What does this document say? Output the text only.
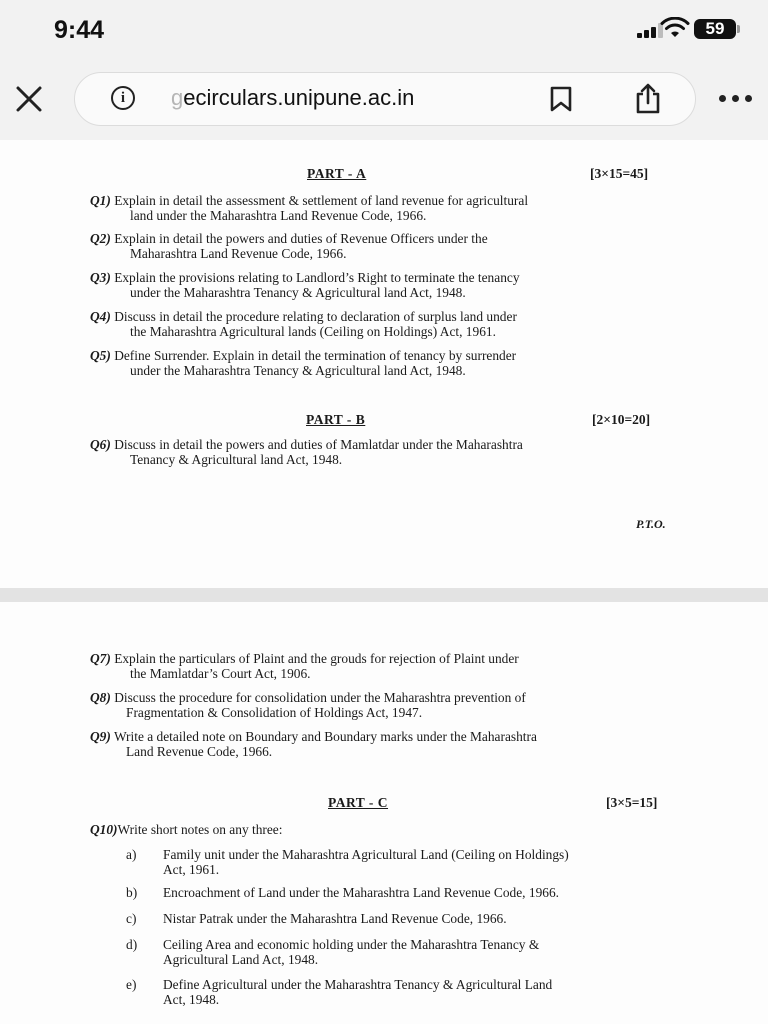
9:44	59
i	gecirculars.unipune.ac.in
PART - A	[3×15=45]
Q1) Explain in detail the assessment & settlement of land revenue for agricultural
land under the Maharashtra Land Revenue Code, 1966.
Q2) Explain in detail the powers and duties of Revenue Officers under the
Maharashtra Land Revenue Code, 1966.
Q3) Explain the provisions relating to Landlord’s Right to terminate the tenancy
under the Maharashtra Tenancy & Agricultural land Act, 1948.
Q4) Discuss in detail the procedure relating to declaration of surplus land under
the Maharashtra Agricultural lands (Ceiling on Holdings) Act, 1961.
Q5) Define Surrender. Explain in detail the termination of tenancy by surrender
under the Maharashtra Tenancy & Agricultural land Act, 1948.
PART - B	[2×10=20]
Q6) Discuss in detail the powers and duties of Mamlatdar under the Maharashtra
Tenancy & Agricultural land Act, 1948.
P.T.O.
Q7) Explain the particulars of Plaint and the grouds for rejection of Plaint under
the Mamlatdar’s Court Act, 1906.
Q8) Discuss the procedure for consolidation under the Maharashtra prevention of
Fragmentation & Consolidation of Holdings Act, 1947.
Q9) Write a detailed note on Boundary and Boundary marks under the Maharashtra
Land Revenue Code, 1966.
PART - C	[3×5=15]
Q10)Write short notes on any three:
a) Family unit under the Maharashtra Agricultural Land (Ceiling on Holdings)
Act, 1961.
b) Encroachment of Land under the Maharashtra Land Revenue Code, 1966.
c) Nistar Patrak under the Maharashtra Land Revenue Code, 1966.
d) Ceiling Area and economic holding under the Maharashtra Tenancy &
Agricultural Land Act, 1948.
e) Define Agricultural under the Maharashtra Tenancy & Agricultural Land
Act, 1948.
